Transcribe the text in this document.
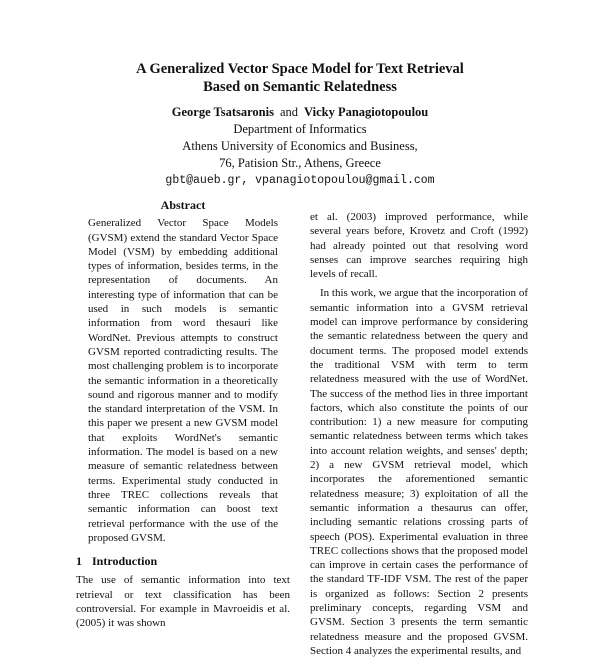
A Generalized Vector Space Model for Text Retrieval
Based on Semantic Relatedness
George Tsatsaronis and Vicky Panagiotopoulou
Department of Informatics
Athens University of Economics and Business,
76, Patision Str., Athens, Greece
gbt@aueb.gr, vpanagiotopoulou@gmail.com
Abstract

Generalized Vector Space Models (GVSM) extend the standard Vector Space Model (VSM) by embedding additional types of information, besides terms, in the representation of documents. An interesting type of information that can be used in such models is semantic information from word thesauri like WordNet. Previous attempts to construct GVSM reported contradicting results. The most challenging problem is to incorporate the semantic information in a theoretically sound and rigorous manner and to modify the standard interpretation of the VSM. In this paper we present a new GVSM model that exploits WordNet's semantic information. The model is based on a new measure of semantic relatedness between terms. Experimental study conducted in three TREC collections reveals that semantic information can boost text retrieval performance with the use of the proposed GVSM.

1 Introduction

The use of semantic information into text retrieval or text classification has been controversial. For example in Mavroeidis et al. (2005) it was shown

et al. (2003) improved performance, while several years before, Krovetz and Croft (1992) had already pointed out that resolving word senses can improve searches requiring high levels of recall.

In this work, we argue that the incorporation of semantic information into a GVSM retrieval model can improve performance by considering the semantic relatedness between the query and document terms. The proposed model extends the traditional VSM with term to term relatedness measured with the use of WordNet. The success of the method lies in three important factors, which also constitute the points of our contribution: 1) a new measure for computing semantic relatedness between terms which takes into account relation weights, and senses' depth; 2) a new GVSM retrieval model, which incorporates the aforementioned semantic relatedness measure; 3) exploitation of all the semantic information a thesaurus can offer, including semantic relations crossing parts of speech (POS). Experimental evaluation in three TREC collections shows that the proposed model can improve in certain cases the performance of the standard TF-IDF VSM. The rest of the paper is organized as follows: Section 2 presents preliminary concepts, regarding VSM and GVSM. Section 3 presents the term semantic relatedness measure and the proposed GVSM. Section 4 analyzes the experimental results, and
